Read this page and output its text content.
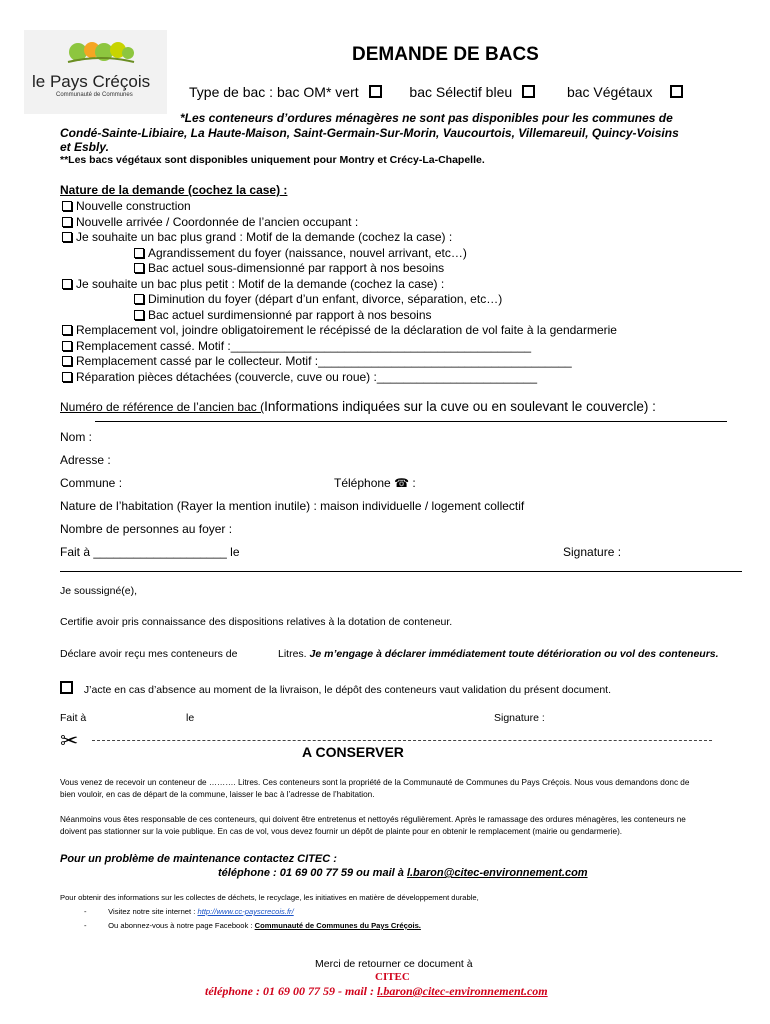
le Pays Créçois
Communauté de Communes
DEMANDE DE BACS
Type de bac : bac OM* vert	bac Sélectif bleu	bac Végétaux
*Les conteneurs d’ordures ménagères ne sont pas disponibles pour les communes de
Condé-Sainte-Libiaire, La Haute-Maison, Saint-Germain-Sur-Morin, Vaucourtois, Villemareuil, Quincy-Voisins
et Esbly.
**Les bacs végétaux sont disponibles uniquement pour Montry et Crécy-La-Chapelle.
Nature de la demande (cochez la case) :
Nouvelle construction
Nouvelle arrivée / Coordonnée de l’ancien occupant :
Je souhaite un bac plus grand : Motif de la demande (cochez la case) :
Agrandissement du foyer (naissance, nouvel arrivant, etc…)
Bac actuel sous-dimensionné par rapport à nos besoins
Je souhaite un bac plus petit : Motif de la demande (cochez la case) :
Diminution du foyer (départ d’un enfant, divorce, séparation, etc…)
Bac actuel surdimensionné par rapport à nos besoins
Remplacement vol, joindre obligatoirement le récépissé de la déclaration de vol faite à la gendarmerie
Remplacement cassé. Motif :_____________________________________________
Remplacement cassé par le collecteur. Motif :______________________________________
Réparation pièces détachées (couvercle, cuve ou roue) :________________________
Numéro de référence de l’ancien bac (Informations indiquées sur la cuve ou en soulevant le couvercle) :
Nom :
Adresse :
Commune :	Téléphone ☎ :
Nature de l’habitation (Rayer la mention inutile) : maison individuelle / logement collectif
Nombre de personnes au foyer :
Fait à ____________________ le	Signature :
Je soussigné(e),
Certifie avoir pris connaissance des dispositions relatives à la dotation de conteneur.
Déclare avoir reçu mes conteneurs de	Litres. Je m’engage à déclarer immédiatement toute détérioration ou vol des conteneurs.
J’acte en cas d’absence au moment de la livraison, le dépôt des conteneurs vaut validation du présent document.
Fait à	le	Signature :
✂	A CONSERVER
Vous venez de recevoir un conteneur de ………. Litres. Ces conteneurs sont la propriété de la Communauté de Communes du Pays Créçois. Nous vous demandons donc de
bien vouloir, en cas de départ de la commune, laisser le bac à l’adresse de l’habitation.
Néanmoins vous êtes responsable de ces conteneurs, qui doivent être entretenus et nettoyés régulièrement. Après le ramassage des ordures ménagères, les conteneurs ne
doivent pas stationner sur la voie publique. En cas de vol, vous devez fournir un dépôt de plainte pour en obtenir le remplacement (mairie ou gendarmerie).
Pour un problème de maintenance contactez CITEC :
téléphone : 01 69 00 77 59 ou mail à l.baron@citec-environnement.com
Pour obtenir des informations sur les collectes de déchets, le recyclage, les initiatives en matière de développement durable,
-	Visitez notre site internet : http://www.cc-payscrecois.fr/
-	Ou abonnez-vous à notre page Facebook : Communauté de Communes du Pays Créçois.
Merci de retourner ce document à
CITEC
téléphone : 01 69 00 77 59 - mail : l.baron@citec-environnement.com
